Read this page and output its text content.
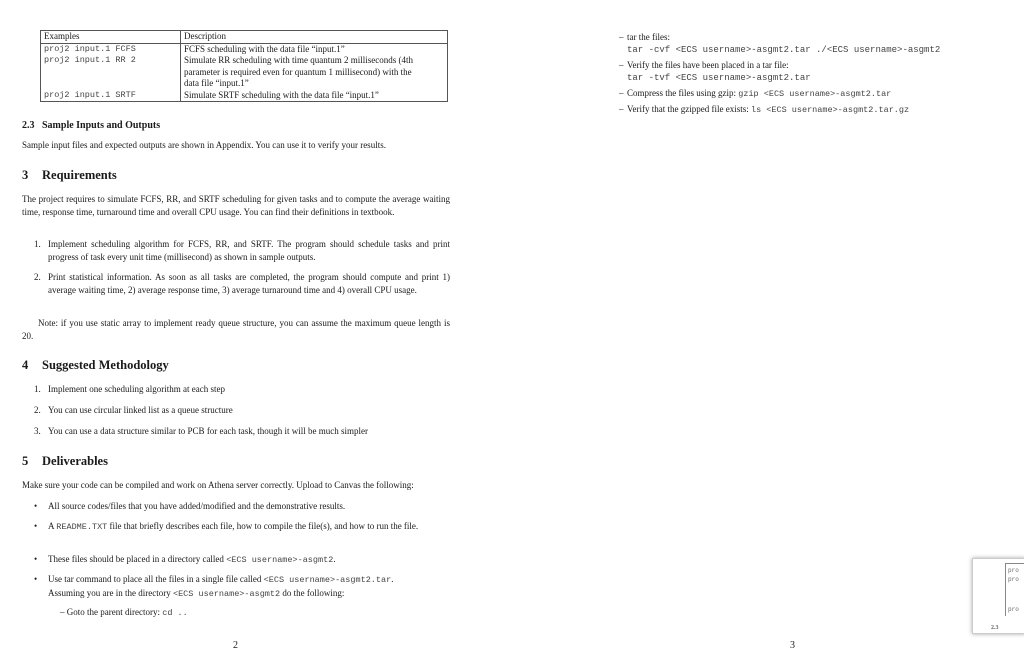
Examples	Description
proj2 input.1 FCFS	FCFS scheduling with the data file “input.1”
proj2 input.1 RR 2	Simulate RR scheduling with time quantum 2 milliseconds (4th
parameter is required even for quantum 1 millisecond) with the
data file “input.1”

proj2 input.1 SRTF	Simulate SRTF scheduling with the data file “input.1”
2.3 Sample Inputs and Outputs
Sample input files and expected outputs are shown in Appendix. You can use it to verify your results.
3 Requirements
The project requires to simulate FCFS, RR, and SRTF scheduling for given tasks and to compute the average waiting time, response time, turnaround time and overall CPU usage. You can find their definitions in textbook.
1. Implement scheduling algorithm for FCFS, RR, and SRTF. The program should schedule tasks and print progress of task every unit time (millisecond) as shown in sample outputs.
2. Print statistical information. As soon as all tasks are completed, the program should compute and print 1) average waiting time, 2) average response time, 3) average turnaround time and 4) overall CPU usage.
Note: if you use static array to implement ready queue structure, you can assume the maximum queue length is 20.
4 Suggested Methodology
1. Implement one scheduling algorithm at each step
2. You can use circular linked list as a queue structure
3. You can use a data structure similar to PCB for each task, though it will be much simpler
5 Deliverables
Make sure your code can be compiled and work on Athena server correctly. Upload to Canvas the following:
• All source codes/files that you have added/modified and the demonstrative results.
• A README.TXT file that briefly describes each file, how to compile the file(s), and how to run the file.
• These files should be placed in a directory called <ECS username>-asgmt2.
• Use tar command to place all the files in a single file called <ECS username>-asgmt2.tar.
Assuming you are in the directory <ECS username>-asgmt2 do the following:
– Goto the parent directory: cd ..
2
– tar the files:
tar -cvf <ECS username>-asgmt2.tar ./<ECS username>-asgmt2
– Verify the files have been placed in a tar file:
tar -tvf <ECS username>-asgmt2.tar
– Compress the files using gzip: gzip <ECS username>-asgmt2.tar
– Verify that the gzipped file exists: ls <ECS username>-asgmt2.tar.gz
3
pro
pro
pro
2.3
